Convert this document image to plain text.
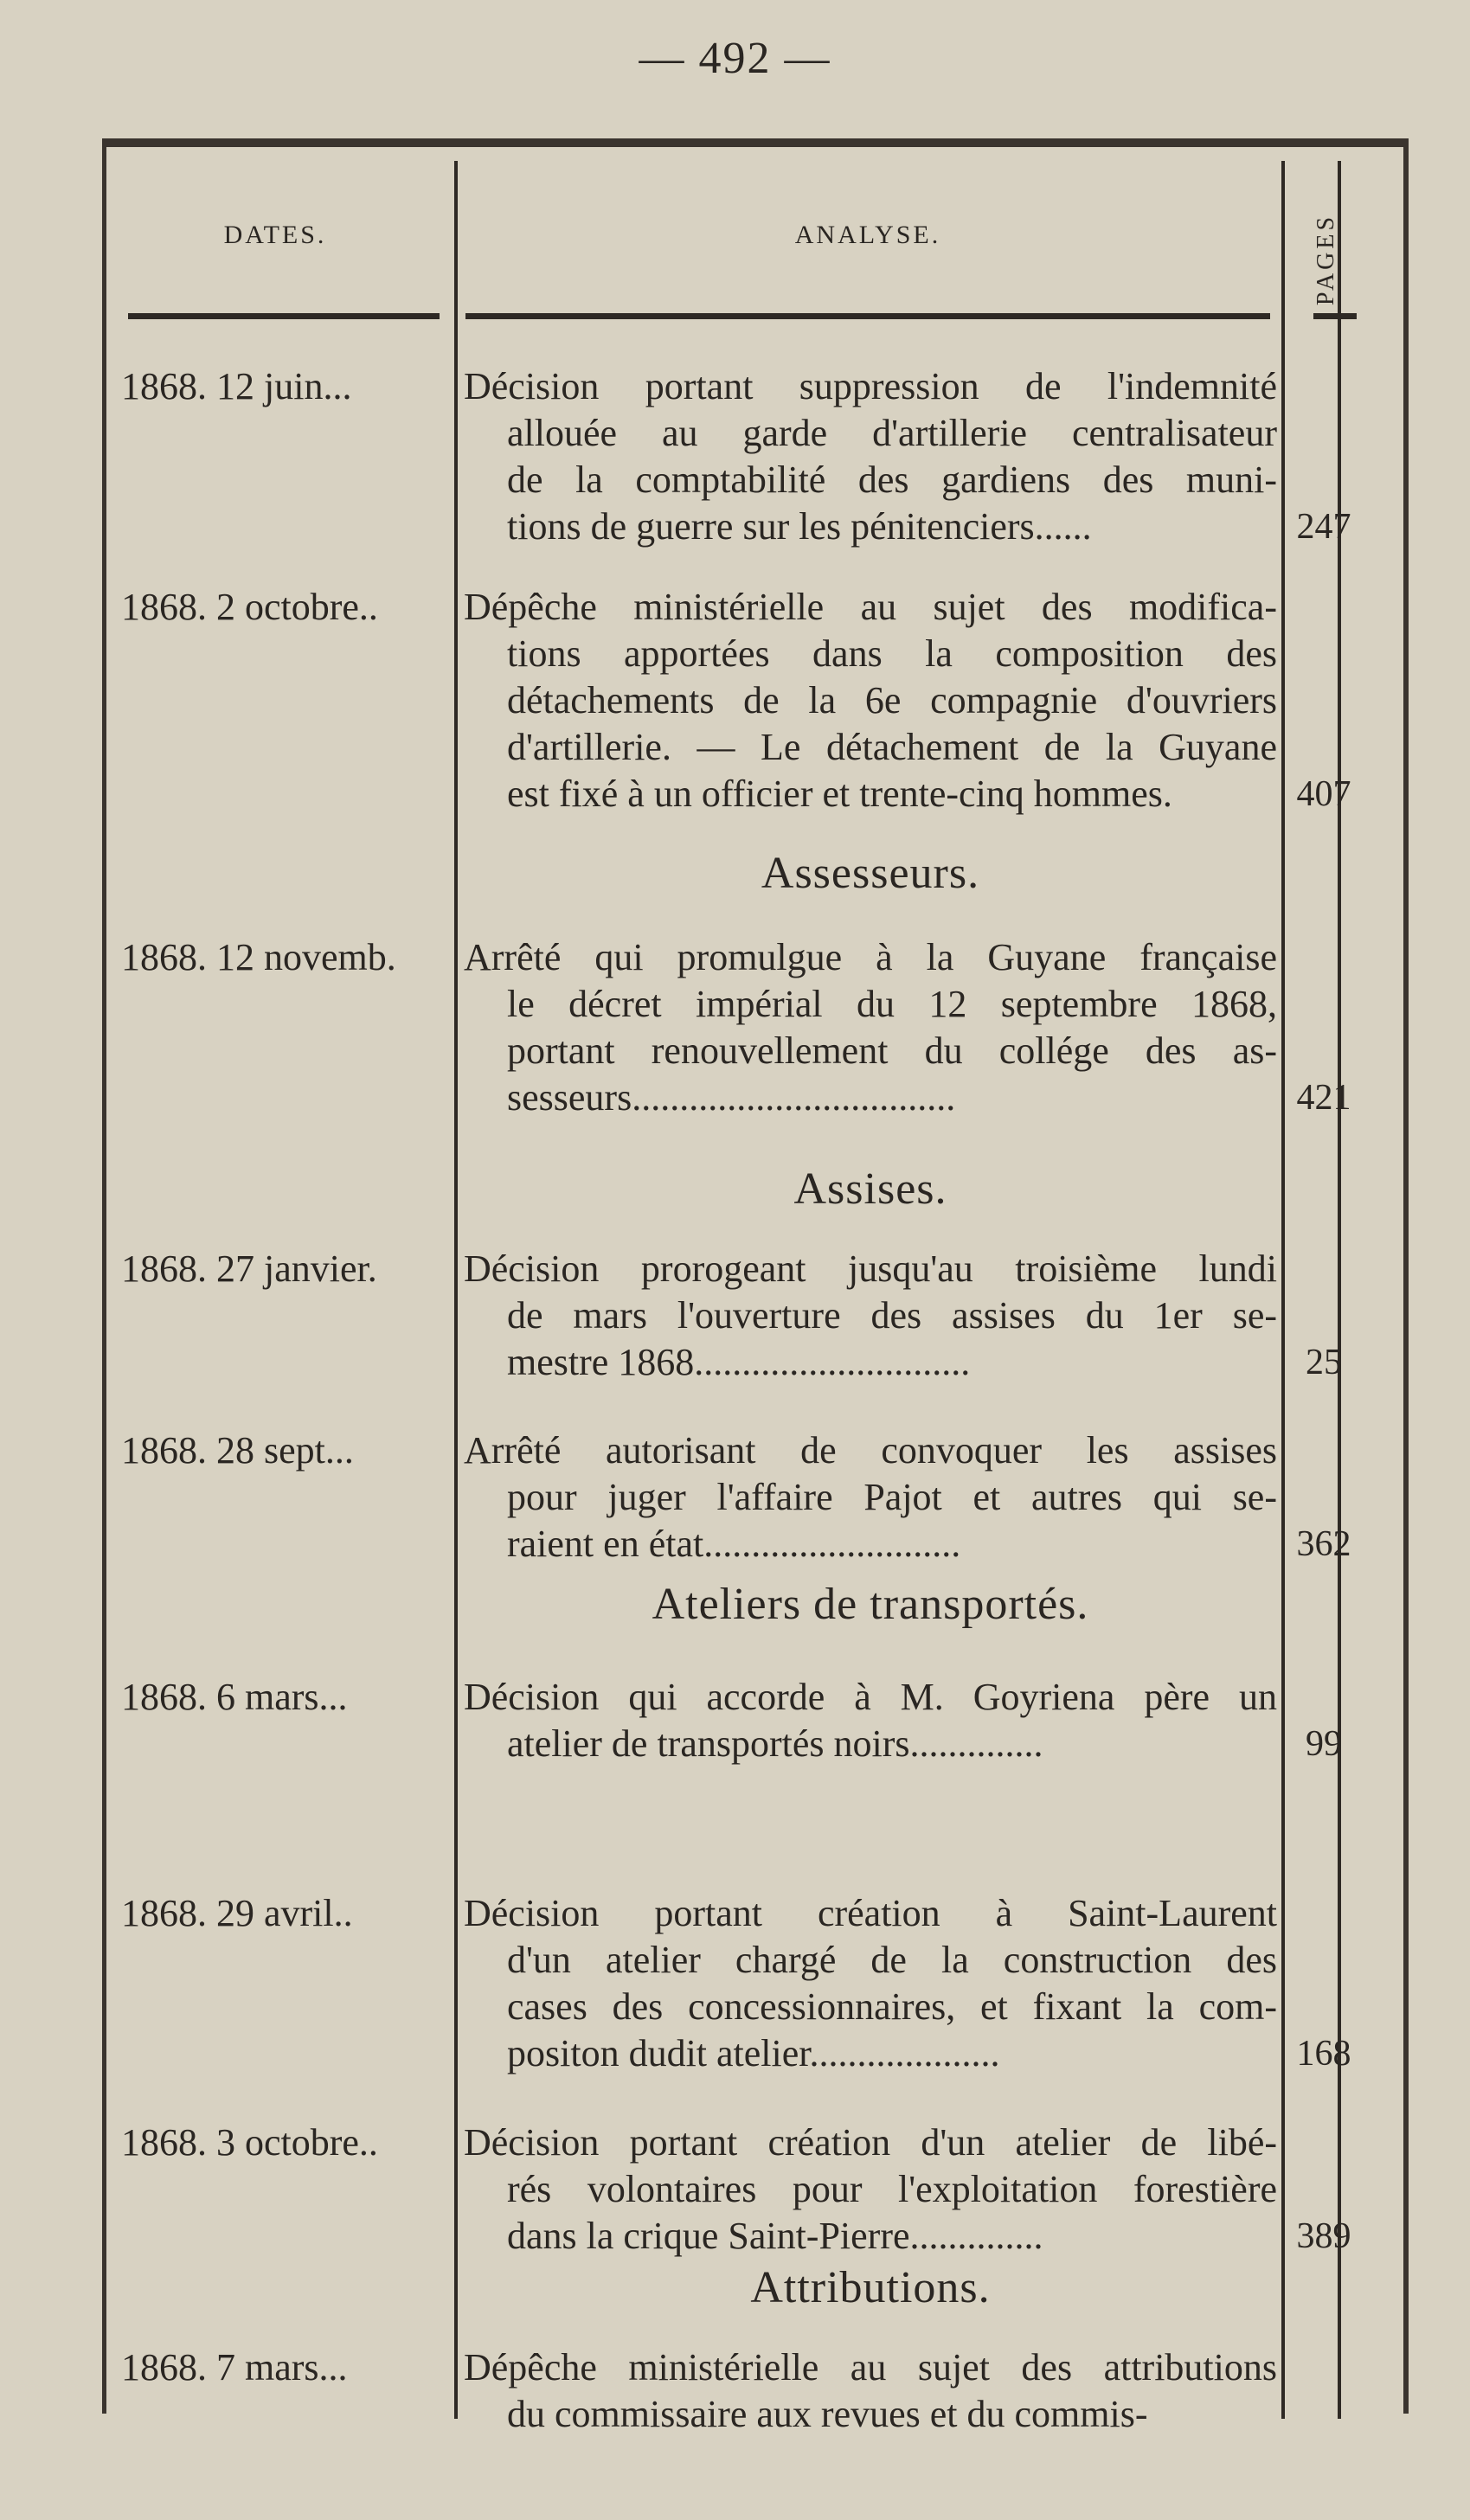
— 492 —
DATES.	ANALYSE.	PAGES
1868. 12 juin...	Décision portant suppression de l'indemnité
allouée au garde d'artillerie centralisateur
de la comptabilité des gardiens des muni-
tions de guerre sur les pénitenciers......	247
1868. 2 octobre.. Dépêche ministérielle au sujet des modifica-
tions apportées dans la composition des
détachements de la 6e compagnie d'ouvriers
d'artillerie. — Le détachement de la Guyane
est fixé à un officier et trente-cinq hommes.	407
Assesseurs.
1868. 12 novemb. Arrêté qui promulgue à la Guyane française
le décret impérial du 12 septembre 1868,
portant renouvellement du collége des as-
sesseurs..................................	421
Assises.
1868. 27 janvier. Décision prorogeant jusqu'au troisième lundi
de mars l'ouverture des assises du 1er se-
mestre 1868.............................	25
1868. 28 sept...	Arrêté autorisant de convoquer les assises
pour juger l'affaire Pajot et autres qui se-
raient en état...........................	362
Ateliers de transportés.
1868. 6 mars...	Décision qui accorde à M. Goyriena père un
atelier de transportés noirs..............	99
1868. 29 avril..	Décision portant création à Saint-Laurent
d'un atelier chargé de la construction des
cases des concessionnaires, et fixant la com-
positon dudit atelier....................	168
1868. 3 octobre.. Décision portant création d'un atelier de libé-
rés volontaires pour l'exploitation forestière
dans la crique Saint-Pierre..............	389
Attributions.
1868. 7 mars...	Dépêche ministérielle au sujet des attributions
du commissaire aux revues et du commis-
